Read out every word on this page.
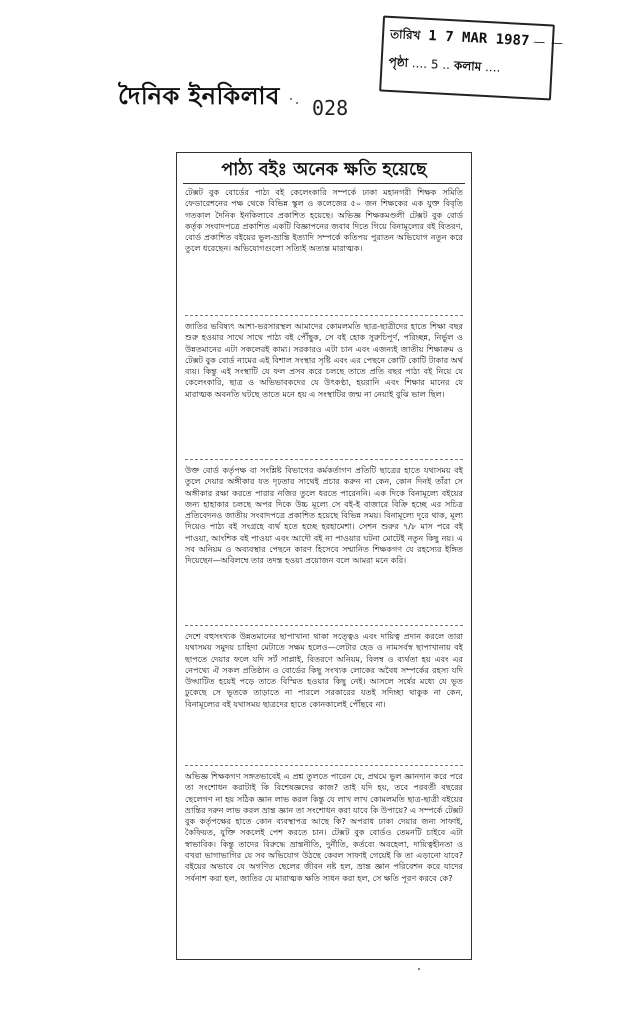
দৈনিক ইনকিলাব 028
তারিখ 1 7 MAR 1987 — —
পৃষ্ঠা .... 5 .. কলাম ....
পাঠ্য বইঃ অনেক ক্ষতি হয়েছে

টেক্সট বুক বোর্ডের পাঠ্য বই কেলেংকারি সম্পর্কে ঢাকা মহানগরী শিক্ষক সমিতি ফেডারেশনের পক্ষ থেকে বিভিন্ন স্কুল ও কলেজের ৫০ জন শিক্ষকের এক যুক্ত বিবৃতি গতকাল দৈনিক ইনকিলাবে প্রকাশিত হয়েছে। অভিজ্ঞ শিক্ষকমণ্ডলী টেক্সট বুক বোর্ড কর্তৃক সংবাদপত্রে প্রকাশিত একটি বিজ্ঞাপনের জবাব দিতে গিয়ে বিনামূল্যের বই বিতরণ, বোর্ড প্রকাশিত বইয়ের ভুল-ভ্রান্তি ইত্যাদি সম্পর্কে কতিপয় পুরাতন অভিযোগ নতুন করে তুলে ধরেছেন। অভিযোগগুলো সত্যিই অত্যন্ত মারাত্মক।

জাতির ভবিষ্যৎ আশা-ভরসারস্থল আমাদের কোমলমতি ছাত্র-ছাত্রীদের হাতে শিক্ষা বছর শুরু হওয়ার সাথে সাথে পাঠ্য বই পৌঁছুক, সে বই হোক সুরুচিপূর্ণ, পরিচ্ছন্ন, নির্ভুল ও উন্নতমানের এটা সকলেরই কাম্য। সরকারও এটা চান এবং এজন্যই জাতীয় শিক্ষাক্রম ও টেক্সট বুক বোর্ড নামের এই বিশাল সংস্থার সৃষ্টি এবং এর পেছনে কোটি কোটি টাকার অর্থ ব্যয়। কিন্তু এই সংস্থাটি যে ফল প্রসব করে চলছে তাতে প্রতি বছর পাঠ্য বই নিয়ে যে কেলেংকারি, ছাত্র ও অভিভাবকদের যে উৎকণ্ঠা, হয়রানি এবং শিক্ষার মানের যে মারাত্মক অবনতি ঘটছে তাতে মনে হয় এ সংস্থাটির জন্ম না নেয়াই বুঝি ভাল ছিল।

উক্ত বোর্ড কর্তৃপক্ষ বা সংশ্লিষ্ট বিভাগের কর্মকর্তাগণ প্রতিটি ছাত্রের হাতে যথাসময় বই তুলে দেয়ার অঙ্গীকার যত দৃঢ়তার সাথেই প্রচার করুন না কেন, কোন দিনই তাঁরা সে অঙ্গীকার রক্ষা করতে পারার নজির তুলে ধরতে পারেননি। এক দিকে বিনামূল্যে বইয়ের জন্য হাহাকার চলছে অপর দিকে উচ্চ মূল্যে সে বই-ই বাজারে বিক্রি হচ্ছে এর সচিত্র প্রতিবেদনও জাতীয় সংবাদপত্রে প্রকাশিত হয়েছে বিভিন্ন সময়। বিনামূল্যে দূরে থাক, মূল্য দিয়েও পাঠ্য বই সংগ্রহে ব্যর্থ হতে হচ্ছে হরহামেশা। সেশন শুরুর ৭/৮ মাস পরে বই পাওয়া, আংশিক বই পাওয়া এবং আদৌ বই না পাওয়ার ঘটনা মোটেই নতুন কিছু নয়। এ সব অনিয়ম ও অব্যবস্থার পেছনে কারণ হিসেবে সম্মানিত শিক্ষকগণ যে রহস্যের ইঙ্গিত দিয়েছেন—অবিলম্বে তার তদন্ত হওয়া প্রয়োজন বলে আমরা মনে করি।

দেশে বহুসংখ্যক উন্নতমানের ছাপাখানা থাকা সত্ত্বেও এবং দায়িত্ব প্রদান করলে তারা যথাসময় সমুদয় চাহিদা মেটাতে সক্ষম হলেও—লেটার হেড ও নামসর্বস্ব ছাপাখানায় বই ছাপতে দেয়ার ফলে যদি সর্ট সাপ্লাই, বিতরণে অনিয়ম, বিলম্ব ও ব্যর্থতা হয় এবং এর নেপথ্যে ঐ সকল প্রতিষ্ঠান ও বোর্ডের কিছু সংখ্যক লোকের অবৈধ সম্পর্কের রহস্য যদি উদ্ঘাটিত হয়েই পড়ে তাতে বিস্মিত হওয়ার কিছু নেই। আসলে সর্ষের মধ্যে যে ভূত ঢুকেছে সে ভূতকে তাড়াতে না পারলে সরকারের যতই সদিচ্ছা থাকুক না কেন, বিনামূল্যের বই যথাসময় ছাত্রদের হাতে কোনকালেই পৌঁছবে না।

অভিজ্ঞ শিক্ষকগণ সঙ্গতভাবেই এ প্রশ্ন তুলতে পারেন যে, প্রথমে ভুল জ্ঞানদান করে পরে তা সংশোধন করাটাই কি বিশেষজ্ঞদের কাজ? তাই যদি হয়, তবে পরবর্তী বছরের ছেলেগণ না হয় সঠিক জ্ঞান লাভ করল কিন্তু যে লাখ লাখ কোমলমতি ছাত্র-ছাত্রী বইয়ের ভ্রান্তির দরুন লাভ করল ভ্রান্ত জ্ঞান তা সংশোধন করা যাবে কি উপায়ে? এ সম্পর্কে টেক্সট বুক কর্তৃপক্ষের হাতে কোন ব্যবস্থাপত্র আছে কি? অপরাধ ঢাকা দেয়ার জন্য সাফাই, কৈফিয়ত, যুক্তি সকলেই পেশ করতে চান। টেক্সট বুক বোর্ডও তেমনটি চাইবে এটা স্বাভাবিক। কিন্তু তাদের বিরুদ্ধে ভ্রান্তনীতি, দুর্নীতি, কর্তব্যে অবহেলা, দায়িত্বহীনতা ও বখরা ভাগাভাগির যে সব অভিযোগ উঠছে কেবল সাফাই গেয়েই কি তা এড়ানো যাবে? বইয়ের অভাবে যে অগণিত ছেলের জীবন নষ্ট হল, ভ্রান্ত জ্ঞান পরিবেশন করে যাদের সর্বনাশ করা হল, জাতির যে মারাত্মক ক্ষতি সাধন করা হল, সে ক্ষতি পূরণ করবে কে?
